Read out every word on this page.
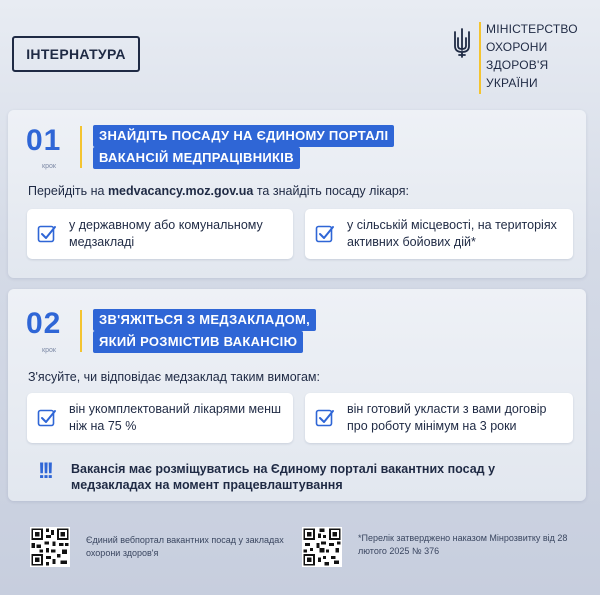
ІНТЕРНАТУРА
МІНІСТЕРСТВО
ОХОРОНИ
ЗДОРОВ'Я
УКРАЇНИ
01
крок
ЗНАЙДІТЬ ПОСАДУ НА ЄДИНОМУ ПОРТАЛІ
ВАКАНСІЙ МЕДПРАЦІВНИКІВ
Перейдіть на medvacancy.moz.gov.ua та знайдіть посаду лікаря:
у державному або комунальному медзакладі
у сільській місцевості, на територіях активних бойових дій*
02
крок
ЗВ'ЯЖІТЬСЯ З МЕДЗАКЛАДОМ,
ЯКИЙ РОЗМІСТИВ ВАКАНСІЮ
З'ясуйте, чи відповідає медзаклад таким вимогам:
він укомплектований лікарями менш ніж на 75 %
він готовий укласти з вами договір про роботу мінімум на 3 роки
!!! Вакансія має розміщуватись на Єдиному порталі вакантних посад у медзакладах на момент працевлаштування
Єдиний вебпортал вакантних посад у закладах охорони здоров'я
*Перелік затверджено наказом Мінрозвитку від 28 лютого 2025 № 376
